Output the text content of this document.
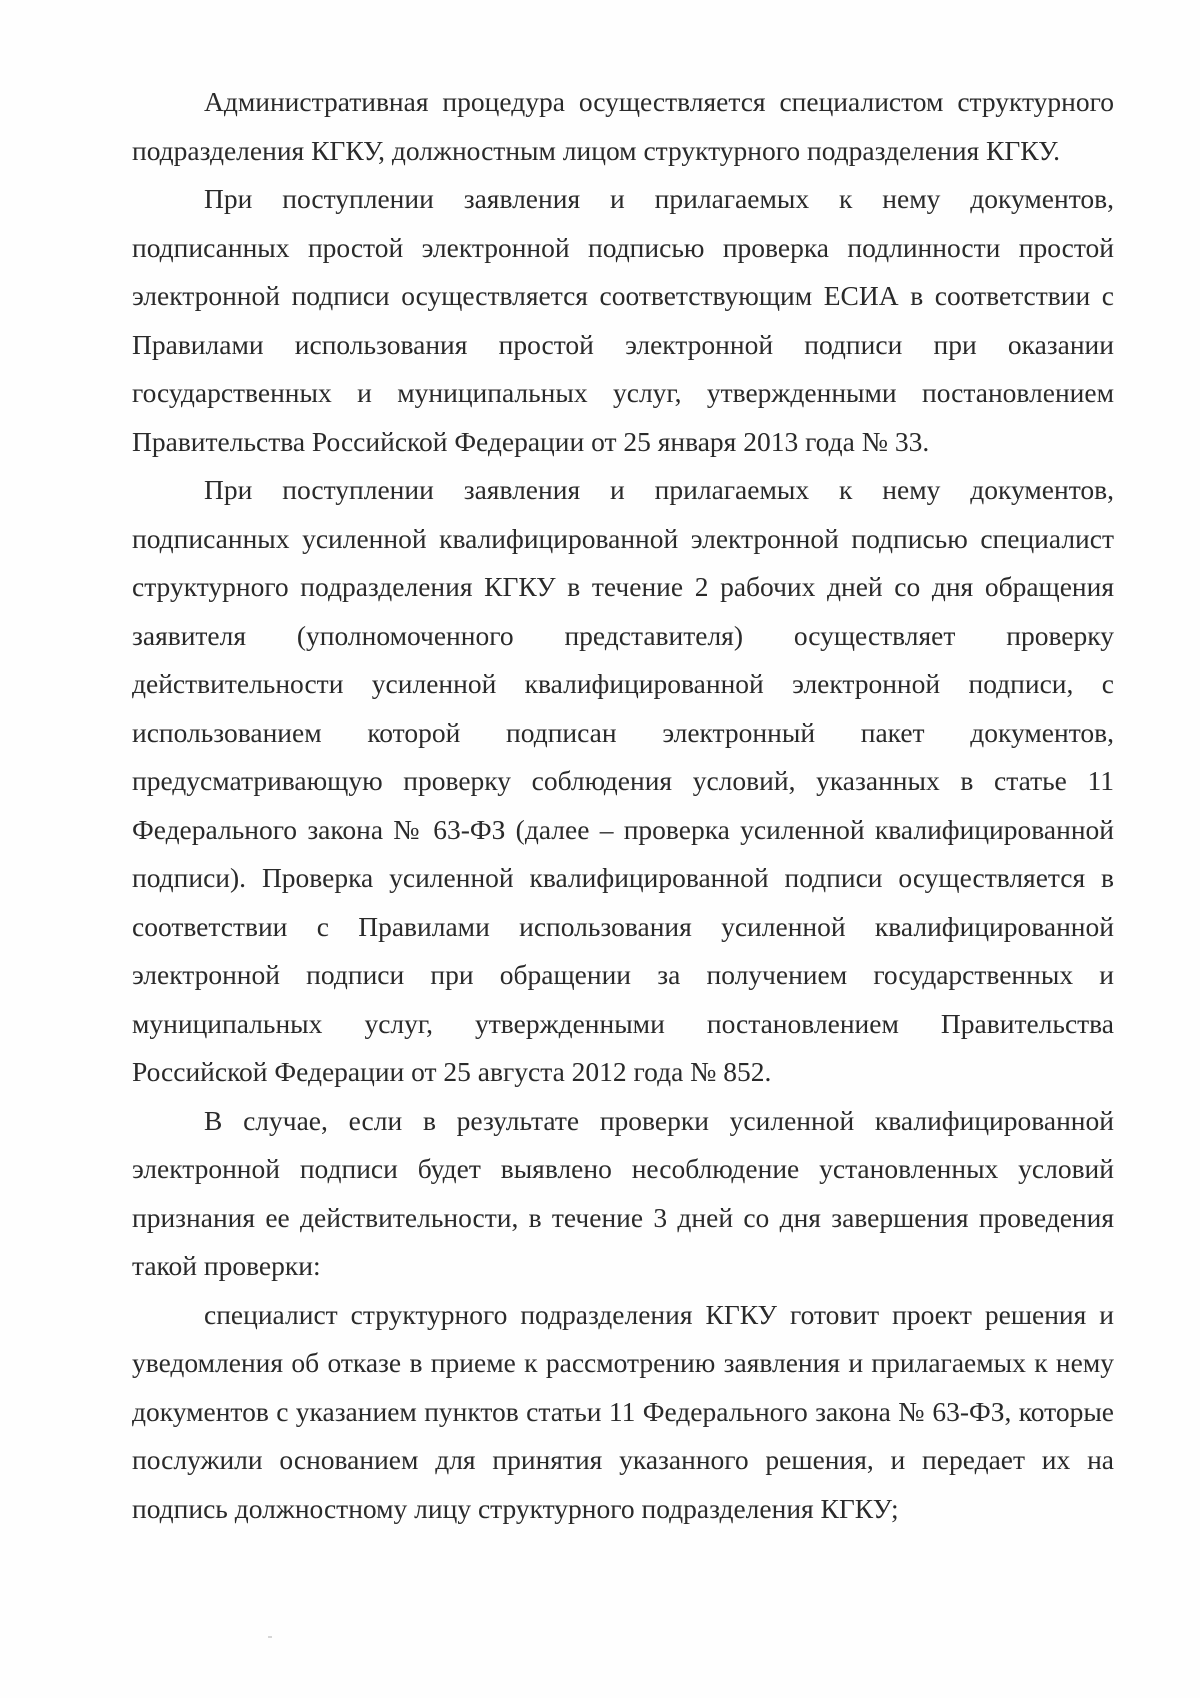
Административная процедура осуществляется специалистом структурного подразделения КГКУ, должностным лицом структурного подразделения КГКУ.

При поступлении заявления и прилагаемых к нему документов, подписанных простой электронной подписью проверка подлинности простой электронной подписи осуществляется соответствующим ЕСИА в соответствии с Правилами использования простой электронной подписи при оказании государственных и муниципальных услуг, утвержденными постановлением Правительства Российской Федерации от 25 января 2013 года № 33.

При поступлении заявления и прилагаемых к нему документов, подписанных усиленной квалифицированной электронной подписью специалист структурного подразделения КГКУ в течение 2 рабочих дней со дня обращения заявителя (уполномоченного представителя) осуществляет проверку действительности усиленной квалифицированной электронной подписи, с использованием которой подписан электронный пакет документов, предусматривающую проверку соблюдения условий, указанных в статье 11 Федерального закона № 63-ФЗ (далее – проверка усиленной квалифицированной подписи). Проверка усиленной квалифицированной подписи осуществляется в соответствии с Правилами использования усиленной квалифицированной электронной подписи при обращении за получением государственных и муниципальных услуг, утвержденными постановлением Правительства Российской Федерации от 25 августа 2012 года № 852.

В случае, если в результате проверки усиленной квалифицированной электронной подписи будет выявлено несоблюдение установленных условий признания ее действительности, в течение 3 дней со дня завершения проведения такой проверки:

специалист структурного подразделения КГКУ готовит проект решения и уведомления об отказе в приеме к рассмотрению заявления и прилагаемых к нему документов с указанием пунктов статьи 11 Федерального закона № 63-ФЗ, которые послужили основанием для принятия указанного решения, и передает их на подпись должностному лицу структурного подразделения КГКУ;
